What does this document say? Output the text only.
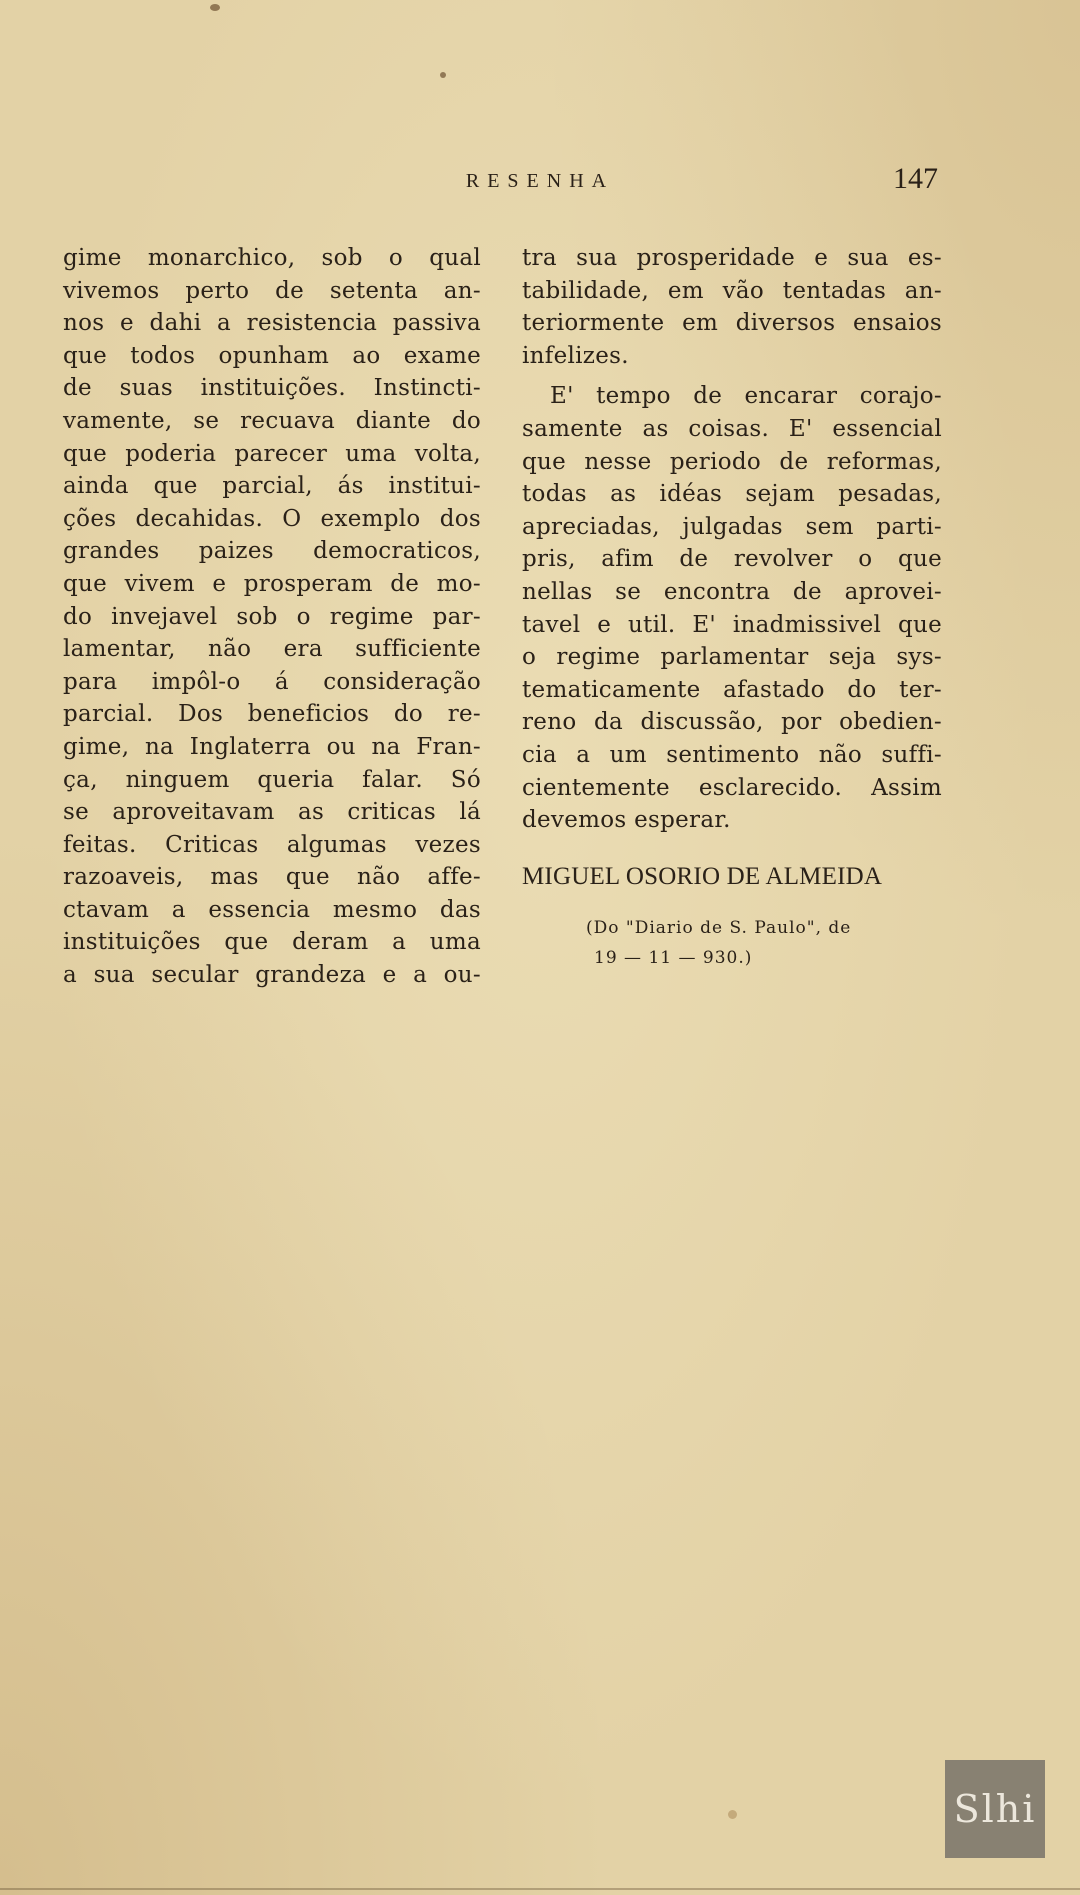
RESENHA	147
gime monarchico, sob o qual
vivemos perto de setenta an-
nos e dahi a resistencia passiva
que todos opunham ao exame
de suas instituições. Instincti-
vamente, se recuava diante do
que poderia parecer uma volta,
ainda que parcial, ás institui-
ções decahidas. O exemplo dos
grandes paizes democraticos,
que vivem e prosperam de mo-
do invejavel sob o regime par-
lamentar, não era sufficiente
para impôl-o á consideração
parcial. Dos beneficios do re-
gime, na Inglaterra ou na Fran-
ça, ninguem queria falar. Só
se aproveitavam as criticas lá
feitas. Criticas algumas vezes
razoaveis, mas que não affe-
ctavam a essencia mesmo das
instituições que deram a uma
a sua secular grandeza e a ou-
tra sua prosperidade e sua es-
tabilidade, em vão tentadas an-
teriormente em diversos ensaios
infelizes.
E' tempo de encarar corajo-
samente as coisas. E' essencial
que nesse periodo de reformas,
todas as idéas sejam pesadas,
apreciadas, julgadas sem parti-
pris, afim de revolver o que
nellas se encontra de aprovei-
tavel e util. E' inadmissivel que
o regime parlamentar seja sys-
tematicamente afastado do ter-
reno da discussão, por obedien-
cia a um sentimento não suffi-
cientemente esclarecido. Assim
devemos esperar.
MIGUEL OSORIO DE ALMEIDA
(Do "Diario de S. Paulo", de
19 — 11 — 930.)
Slhi
